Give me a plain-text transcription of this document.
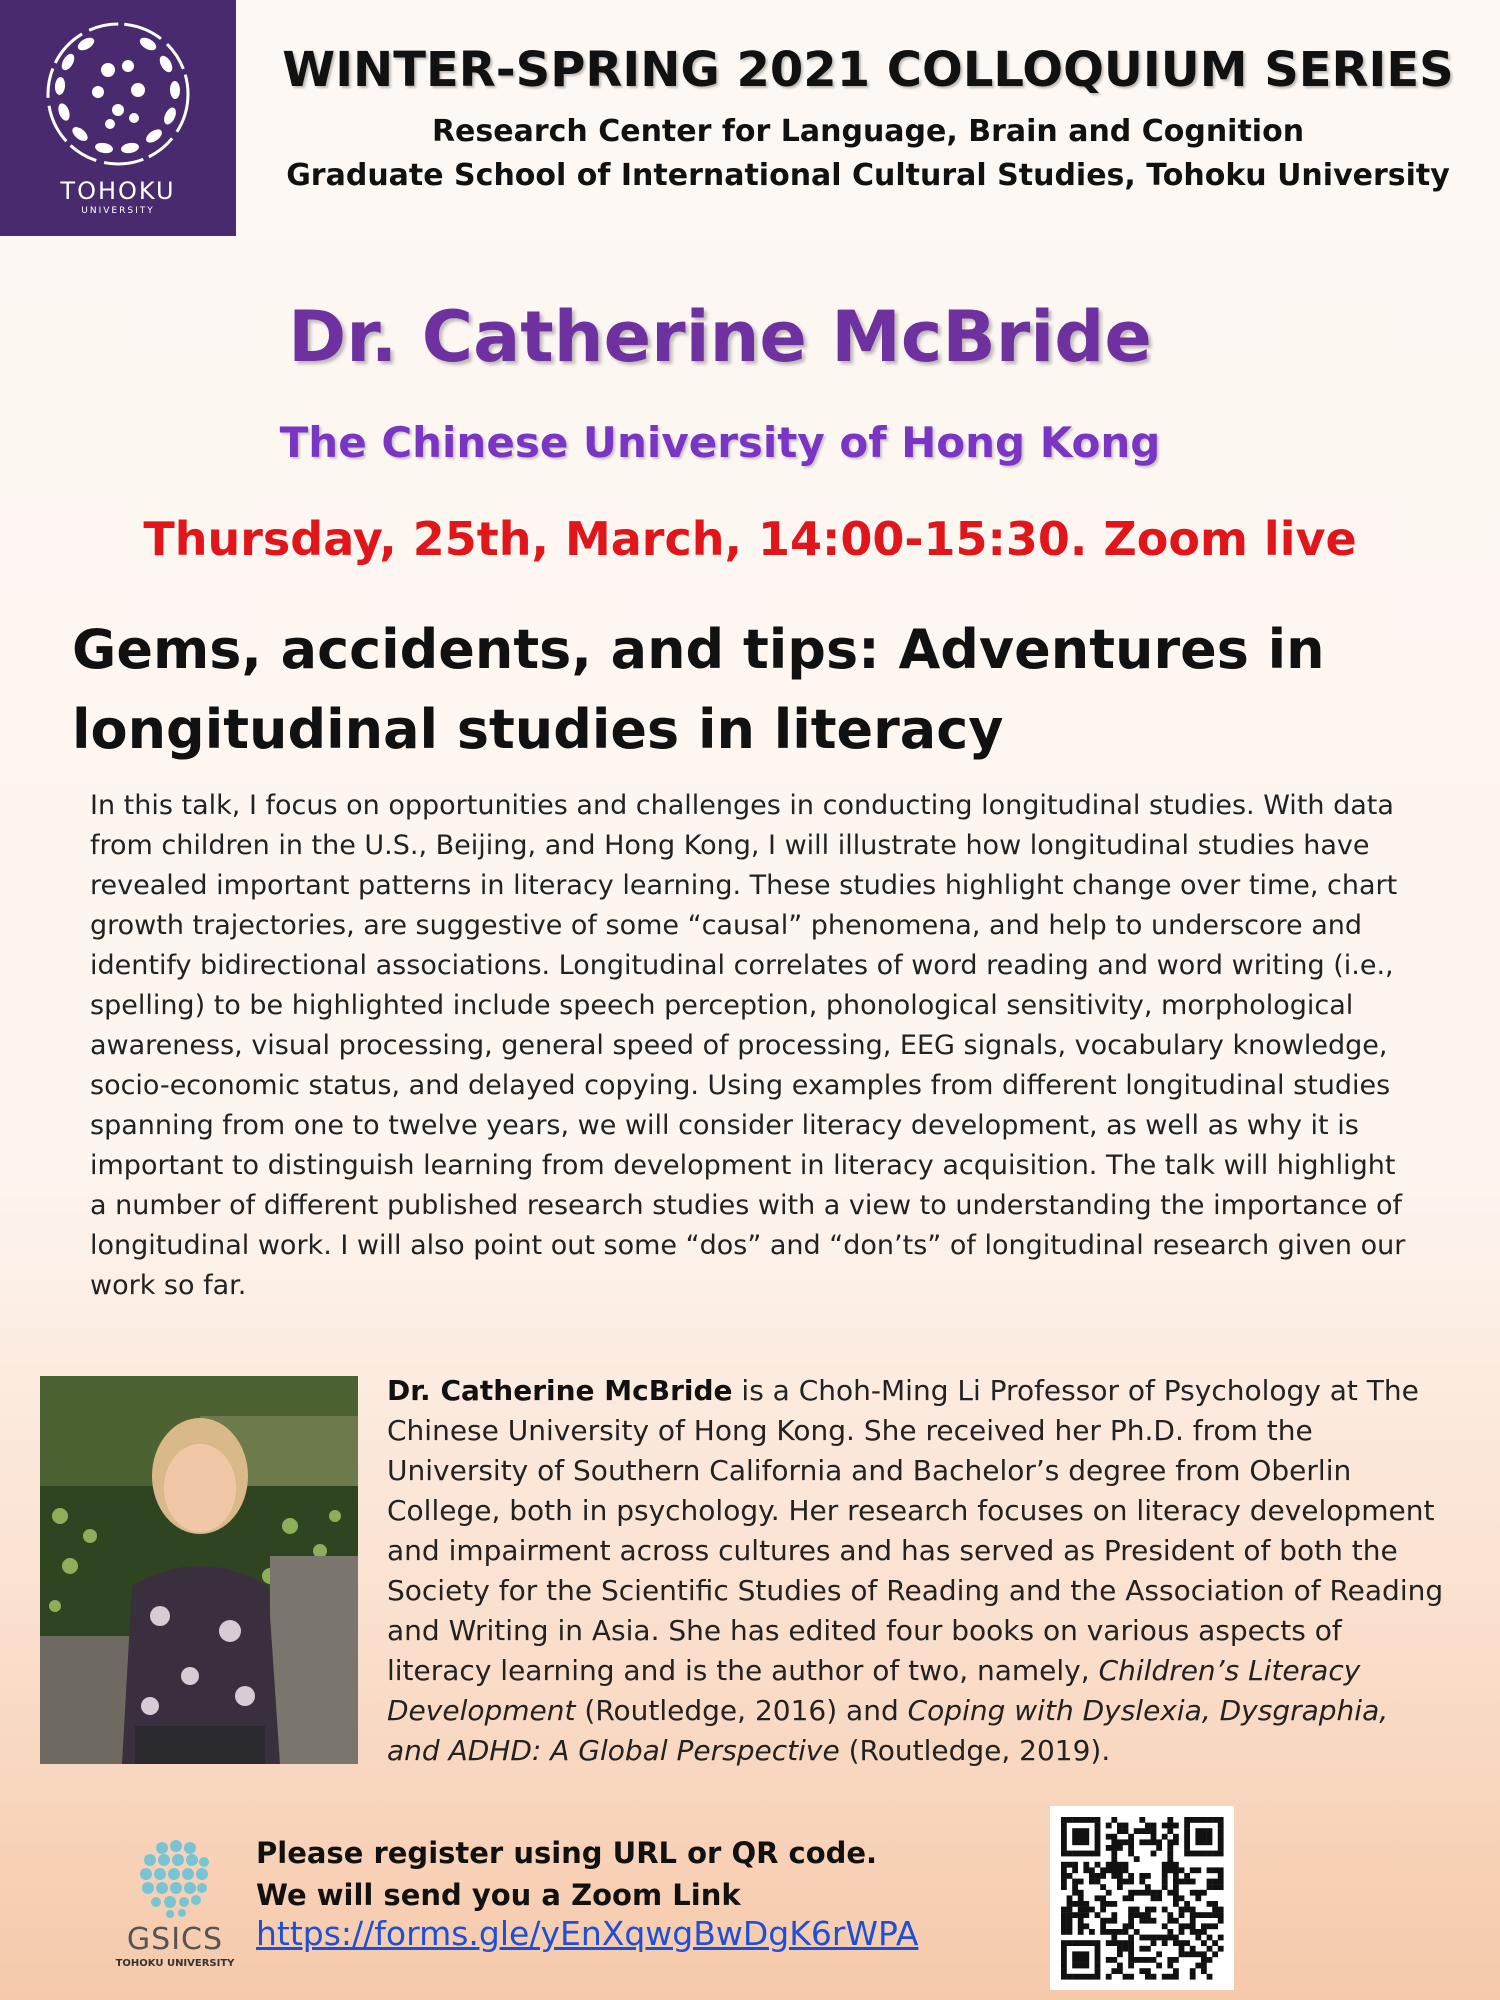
TOHOKU
UNIVERSITY
WINTER-SPRING 2021 COLLOQUIUM SERIES
Research Center for Language, Brain and Cognition
Graduate School of International Cultural Studies, Tohoku University
Dr. Catherine McBride
The Chinese University of Hong Kong
Thursday, 25th, March, 14:00-15:30. Zoom live
Gems, accidents, and tips: Adventures in longitudinal studies in literacy
In this talk, I focus on opportunities and challenges in conducting longitudinal studies. With data from children in the U.S., Beijing, and Hong Kong, I will illustrate how longitudinal studies have revealed important patterns in literacy learning. These studies highlight change over time, chart growth trajectories, are suggestive of some “causal” phenomena, and help to underscore and identify bidirectional associations. Longitudinal correlates of word reading and word writing (i.e., spelling) to be highlighted include speech perception, phonological sensitivity, morphological awareness, visual processing, general speed of processing, EEG signals, vocabulary knowledge, socio-economic status, and delayed copying. Using examples from different longitudinal studies spanning from one to twelve years, we will consider literacy development, as well as why it is important to distinguish learning from development in literacy acquisition. The talk will highlight a number of different published research studies with a view to understanding the importance of longitudinal work. I will also point out some “dos” and “don’ts” of longitudinal research given our work so far.
Dr. Catherine McBride is a Choh-Ming Li Professor of Psychology at The Chinese University of Hong Kong. She received her Ph.D. from the University of Southern California and Bachelor’s degree from Oberlin College, both in psychology. Her research focuses on literacy development and impairment across cultures and has served as President of both the Society for the Scientific Studies of Reading and the Association of Reading and Writing in Asia. She has edited four books on various aspects of literacy learning and is the author of two, namely, Children’s Literacy Development (Routledge, 2016) and Coping with Dyslexia, Dysgraphia, and ADHD: A Global Perspective (Routledge, 2019).
GSICS
TOHOKU UNIVERSITY
Please register using URL or QR code.
We will send you a Zoom Link
https://forms.gle/yEnXqwgBwDgK6rWPA
